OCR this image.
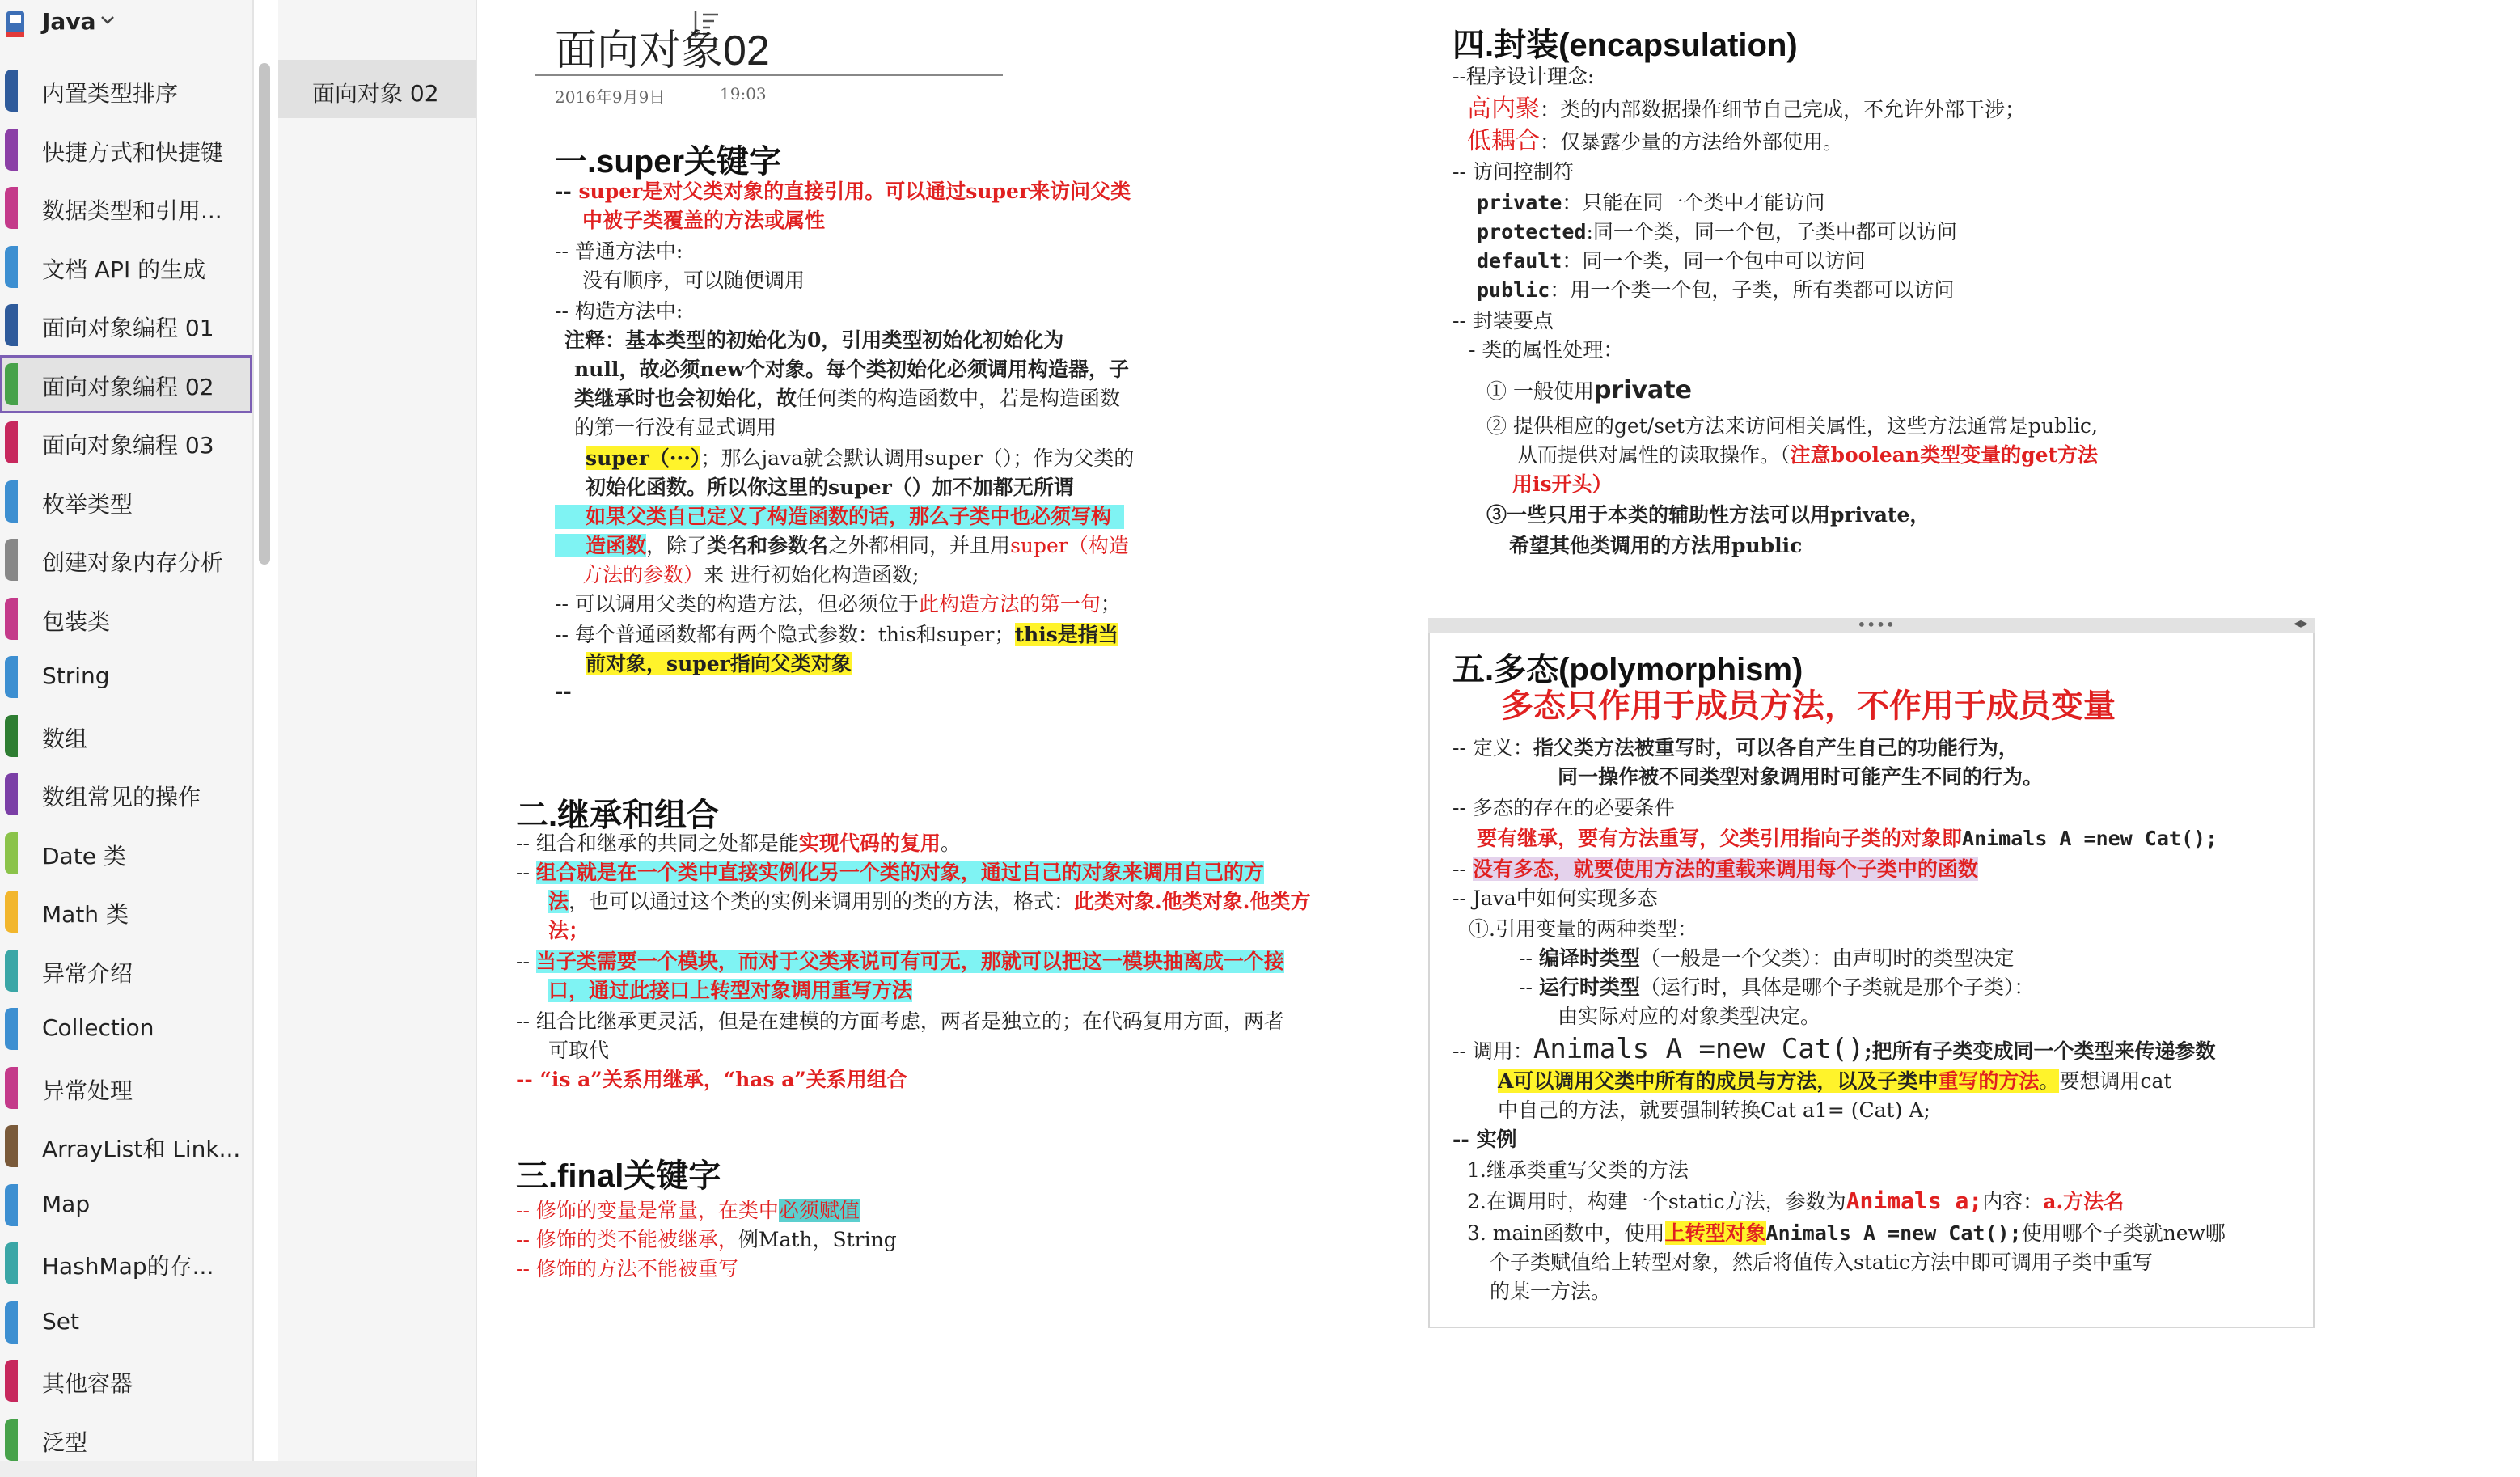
Java
内置类型排序
快捷方式和快捷键
数据类型和引用...
文档 API 的生成
面向对象编程 01
面向对象编程 02
面向对象编程 03
枚举类型
创建对象内存分析
包装类
String
数组
数组常见的操作
Date 类
Math 类
异常介绍
Collection
异常处理
ArrayList和 Link...
Map
HashMap的存...
Set
其他容器
泛型
面向对象 02
面向对象02
2016年9月9日	19:03
一.super关键字
-- super是对父类对象的直接引用。可以通过super来访问父类
中被子类覆盖的方法或属性
-- 普通方法中:
没有顺序，可以随便调用
-- 构造方法中:
注释：基本类型的初始化为0，引用类型初始化初始化为
null，故必须new个对象。每个类初始化必须调用构造器，子
类继承时也会初始化，故任何类的构造函数中，若是构造函数
的第一行没有显式调用
super（···）；那么java就会默认调用super（）；作为父类的
初始化函数。所以你这里的super（）加不加都无所谓
如果父类自己定义了构造函数的话，那么子类中也必须写构
造函数，除了类名和参数名之外都相同，并且用super（构造
方法的参数）来 进行初始化构造函数;
-- 可以调用父类的构造方法，但必须位于此构造方法的第一句；
-- 每个普通函数都有两个隐式参数：this和super；this是指当
前对象，super指向父类对象
--
二.继承和组合
-- 组合和继承的共同之处都是能实现代码的复用。
-- 组合就是在一个类中直接实例化另一个类的对象，通过自己的对象来调用自己的方
法，也可以通过这个类的实例来调用别的类的方法，格式：此类对象.他类对象.他类方
法；
-- 当子类需要一个模块，而对于父类来说可有可无，那就可以把这一模块抽离成一个接
口，通过此接口上转型对象调用重写方法
-- 组合比继承更灵活，但是在建模的方面考虑，两者是独立的；在代码复用方面，两者
可取代
-- “is a”关系用继承，“has a”关系用组合
三.final关键字
-- 修饰的变量是常量，在类中必须赋值
-- 修饰的类不能被继承，例Math，String
-- 修饰的方法不能被重写
四.封装(encapsulation)
--程序设计理念:
高内聚：类的内部数据操作细节自己完成，不允许外部干涉；
低耦合：仅暴露少量的方法给外部使用。
-- 访问控制符
private：只能在同一个类中才能访问
protected:同一个类，同一个包，子类中都可以访问
default：同一个类，同一个包中可以访问
public：用一个类一个包，子类，所有类都可以访问
-- 封装要点
- 类的属性处理：
① 一般使用private
② 提供相应的get/set方法来访问相关属性，这些方法通常是public,
从而提供对属性的读取操作。（注意boolean类型变量的get方法
用is开头）
③一些只用于本类的辅助性方法可以用private，
希望其他类调用的方法用public
••••	◂▸
五.多态(polymorphism)
多态只作用于成员方法，不作用于成员变量
-- 定义：指父类方法被重写时，可以各自产生自己的功能行为，
同一操作被不同类型对象调用时可能产生不同的行为。
-- 多态的存在的必要条件
要有继承，要有方法重写，父类引用指向子类的对象即Animals A =new Cat();
-- 没有多态，就要使用方法的重载来调用每个子类中的函数
-- Java中如何实现多态
①.引用变量的两种类型：
-- 编译时类型（一般是一个父类）：由声明时的类型决定
-- 运行时类型（运行时，具体是哪个子类就是那个子类）：
由实际对应的对象类型决定。
-- 调用：Animals A =new Cat();把所有子类变成同一个类型来传递参数
A可以调用父类中所有的成员与方法，以及子类中重写的方法。要想调用cat
中自己的方法，就要强制转换Cat a1= (Cat) A;
-- 实例
1.继承类重写父类的方法
2.在调用时，构建一个static方法，参数为Animals a;内容：a.方法名
3. main函数中，使用上转型对象Animals A =new Cat();使用哪个子类就new哪
个子类赋值给上转型对象，然后将值传入static方法中即可调用子类中重写
的某一方法。
